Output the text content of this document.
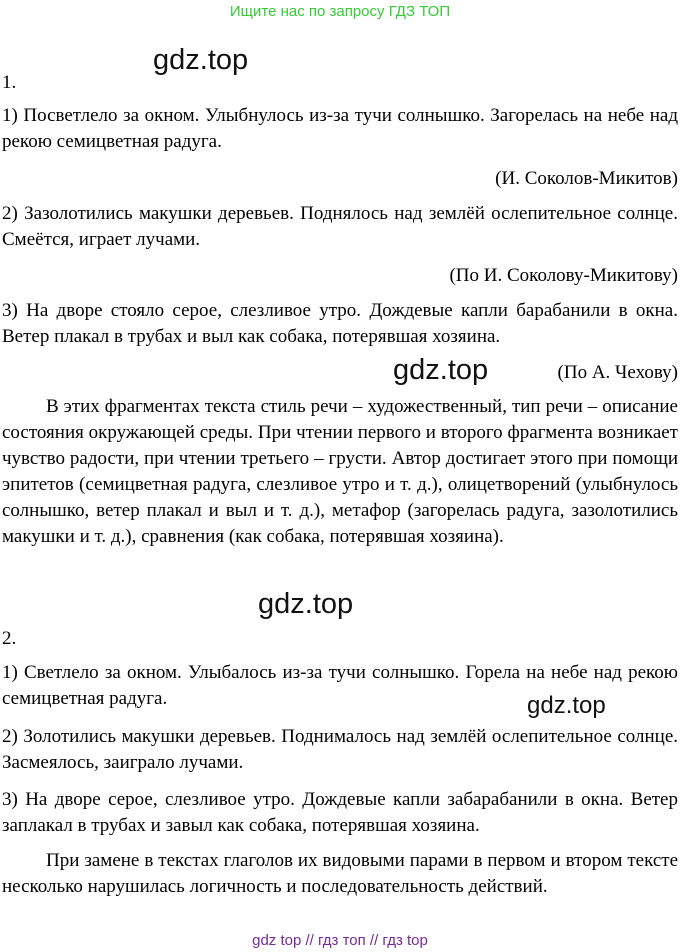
Ищите нас по запросу ГДЗ ТОП
gdz.top
1.

1) Посветлело за окном. Улыбнулось из-за тучи солнышко. Загорелась на небе над рекою семицветная радуга.

(И. Соколов-Микитов)

2) Зазолотились макушки деревьев. Поднялось над землёй ослепительное солнце. Смеётся, играет лучами.

(По И. Соколову-Микитову)

3) На дворе стояло серое, слезливое утро. Дождевые капли барабанили в окна. Ветер плакал в трубах и выл как собака, потерявшая хозяина.

gdz.top	(По А. Чехову)

В этих фрагментах текста стиль речи – художественный, тип речи – описание состояния окружающей среды. При чтении первого и второго фрагмента возникает чувство радости, при чтении третьего – грусти. Автор достигает этого при помощи эпитетов (семицветная радуга, слезливое утро и т. д.), олицетворений (улыбнулось солнышко, ветер плакал и выл и т. д.), метафор (загорелась радуга, зазолотились макушки и т. д.), сравнения (как собака, потерявшая хозяина).

gdz.top
2.

1) Светлело за окном. Улыбалось из-за тучи солнышко. Горела на небе над рекою семицветная радуга.	gdz.top

2) Золотились макушки деревьев. Поднималось над землёй ослепительное солнце. Засмеялось, заиграло лучами.

3) На дворе серое, слезливое утро. Дождевые капли забарабанили в окна. Ветер заплакал в трубах и завыл как собака, потерявшая хозяина.

При замене в текстах глаголов их видовыми парами в первом и втором тексте несколько нарушилась логичность и последовательность действий.

gdz top // гдз топ // гдз top
